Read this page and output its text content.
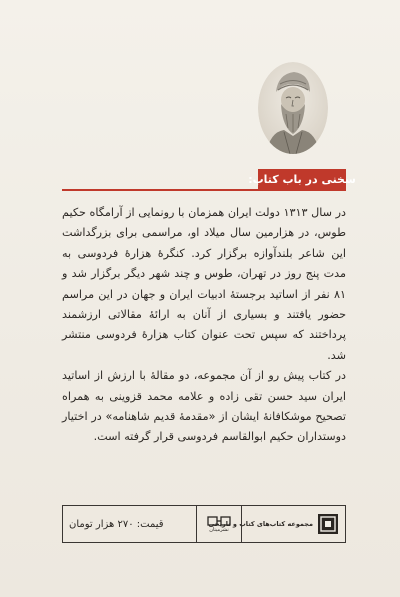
سخنی در باب کتاب:

در سال ۱۳۱۳ دولت ایران همزمان با رونمایی از آرامگاه حکیم طوس، در هزارمین سال میلاد او، مراسمی برای بزرگداشت این شاعر بلندآوازه برگزار کرد. کنگرهٔ هزارهٔ فردوسی به مدت پنج روز در تهران، طوس و چند شهر دیگر برگزار شد و ۸۱ نفر از اساتید برجستهٔ ادبیات ایران و جهان در این مراسم حضور یافتند و بسیاری از آنان به ارائهٔ مقالاتی ارزشمند پرداختند که سپس تحت عنوان کتاب هزارهٔ فردوسی منتشر شد.

در کتاب پیش رو از آن مجموعه، دو مقالهٔ با ارزش از اساتید ایران سید حسن تقی زاده و علامه محمد قزوینی به همراه تصحیح موشکافانهٔ ایشان از «مقدمهٔ قدیم شاهنامه» در اختیار دوستداران حکیم ابوالقاسم فردوسی قرار گرفته است.

قیمت: ۲۷۰ هزار تومان	مجموعه کتاب‌های کتاب و تاریخی
نشرمیتان
